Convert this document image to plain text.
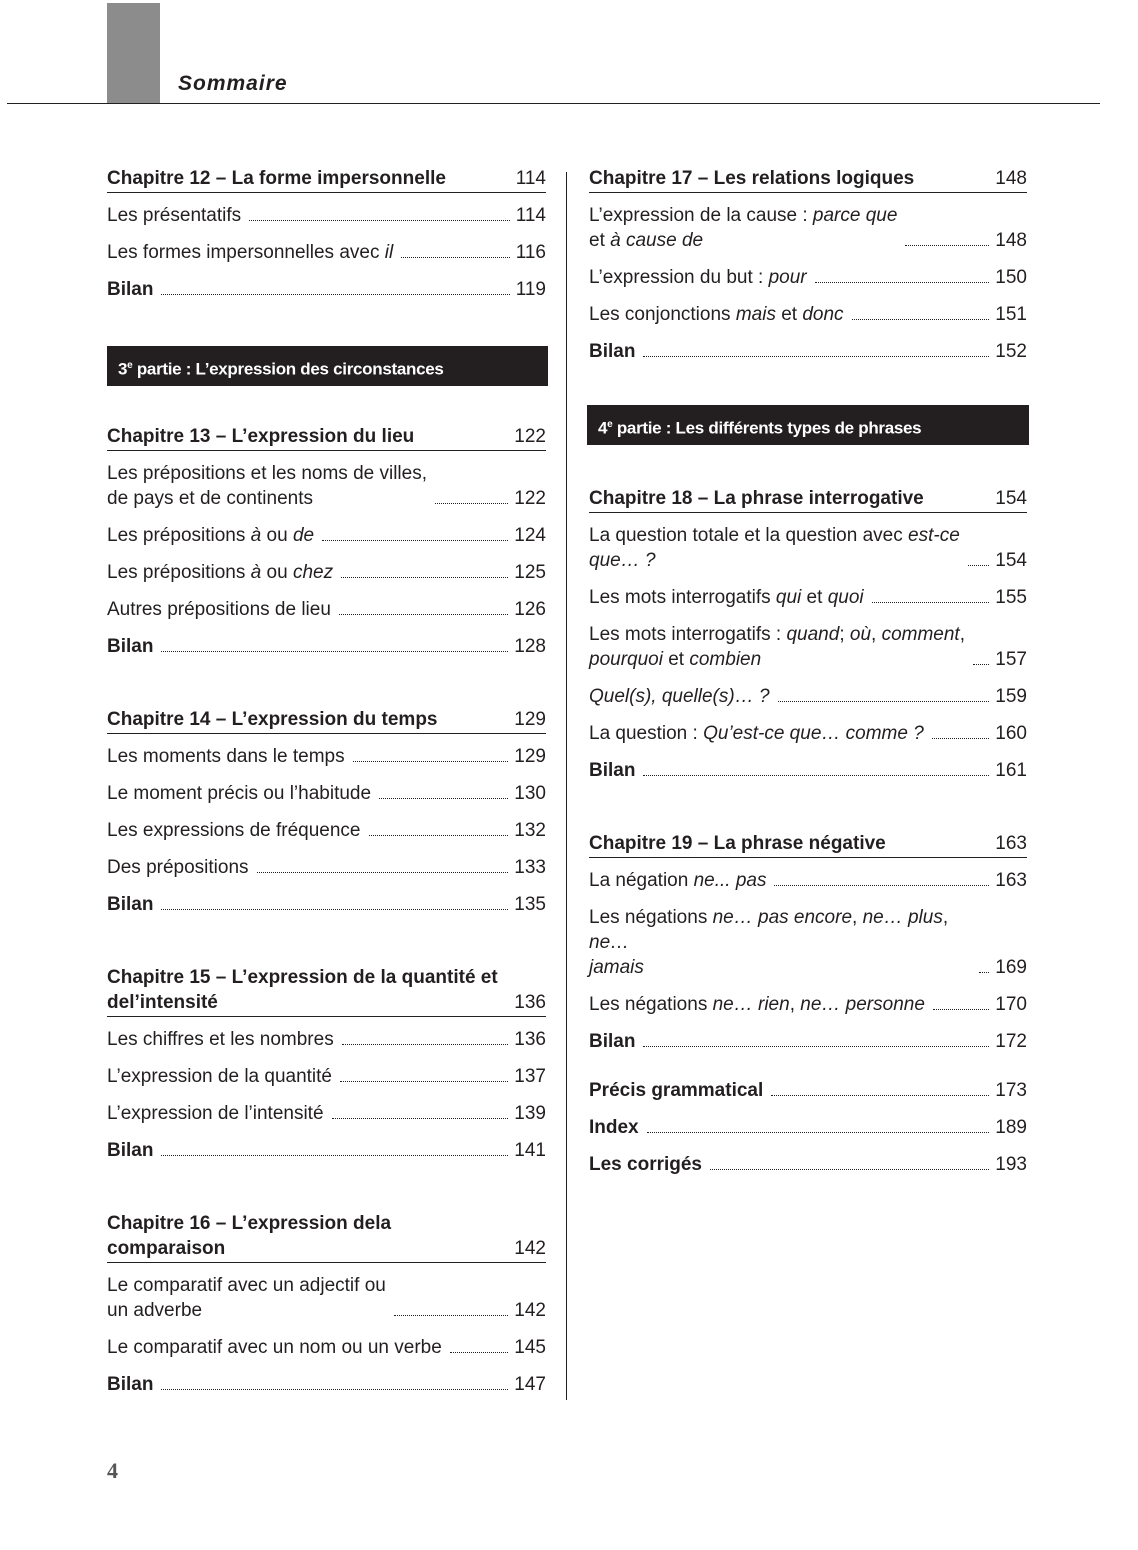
Sommaire
Chapitre 12 – La forme impersonnelle	114
Les présentatifs	114
Les formes impersonnelles avec il	116
Bilan	119
3e partie : L’expression des circonstances
Chapitre 13 – L’expression du lieu	122
Les prépositions et les noms de villes,
de pays et de continents	122
Les prépositions à ou de	124
Les prépositions à ou chez	125
Autres prépositions de lieu	126
Bilan	128
Chapitre 14 – L’expression du temps	129
Les moments dans le temps	129
Le moment précis ou l’habitude	130
Les expressions de fréquence	132
Des prépositions	133
Bilan	135
Chapitre 15 – L’expression de la quantité et del’intensité	136
Les chiffres et les nombres	136
L’expression de la quantité	137
L’expression de l’intensité	139
Bilan	141
Chapitre 16 – L’expression dela comparaison	142
Le comparatif avec un adjectif ou
un adverbe	142
Le comparatif avec un nom ou un verbe	145
Bilan	147
Chapitre 17 – Les relations logiques	148
L’expression de la cause : parce que
et à cause de	148
L’expression du but : pour	150
Les conjonctions mais et donc	151
Bilan	152
4e partie : Les différents types de phrases
Chapitre 18 – La phrase interrogative	154
La question totale et la question avec est-ce
que… ?	154
Les mots interrogatifs qui et quoi	155
Les mots interrogatifs : quand; où, comment,
pourquoi et combien	157
Quel(s), quelle(s)… ?	159
La question : Qu’est-ce que… comme ?	160
Bilan	161
Chapitre 19 – La phrase négative	163
La négation ne... pas	163
Les négations ne… pas encore, ne… plus, ne…
jamais	169
Les négations ne… rien, ne… personne	170
Bilan	172
Précis grammatical	173
Index	189
Les corrigés	193
4
